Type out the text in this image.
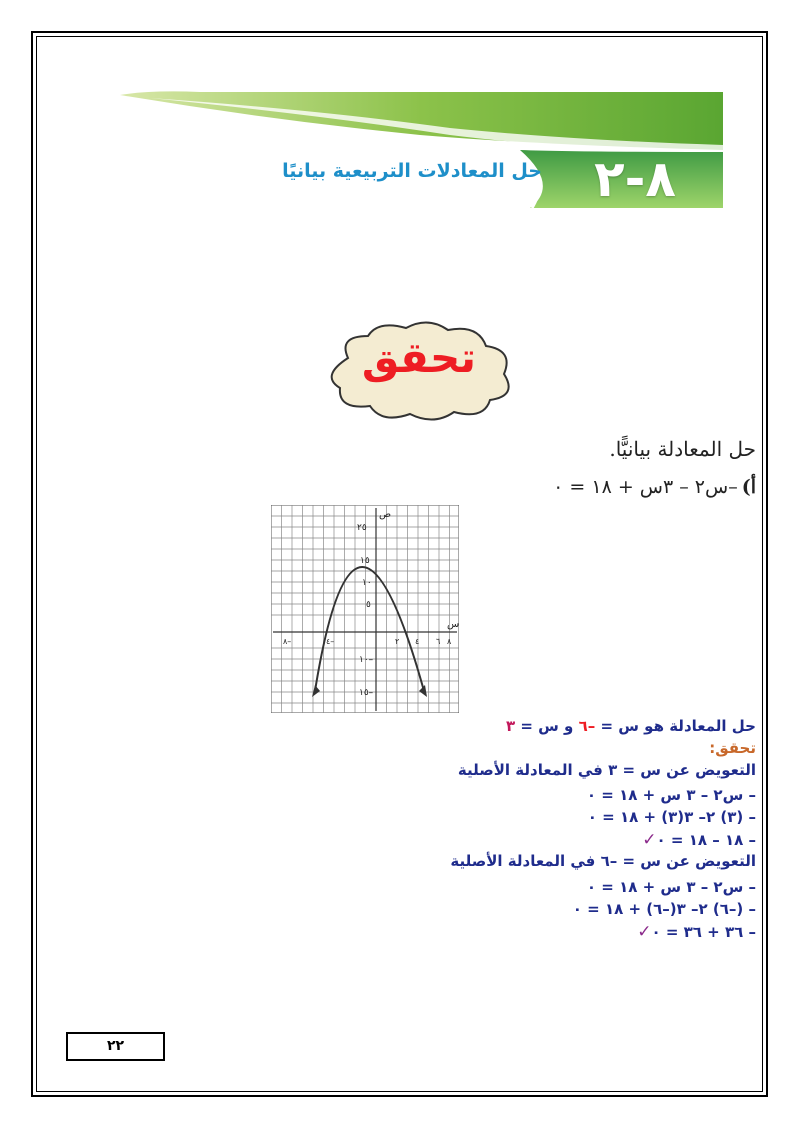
٨-٢
حل المعادلات التربيعية بيانيًا
تحقق
حل المعادلة بيانيًّا.
أ)
–س٢ – ٣س + ١٨ = ٠
ص
س
٨–	٤–	٢ ٤ ٦ ٨
٢٥
١٥
١٠
٥
١٠–
١٥–
حل المعادلة هو س = –٦ و س = ٣
تحقق:
التعويض عن س = ٣ في المعادلة الأصلية
– س٢ – ٣ س + ١٨ = ٠
– (٣) ٢– ٣(٣) + ١٨ = ٠
– ١٨ – ١٨ = ٠✓
التعويض عن س = –٦ في المعادلة الأصلية
– س٢ – ٣ س + ١٨ = ٠
– (–٦) ٢– ٣(–٦) + ١٨ = ٠
– ٣٦ + ٣٦ = ٠✓
٢٢
